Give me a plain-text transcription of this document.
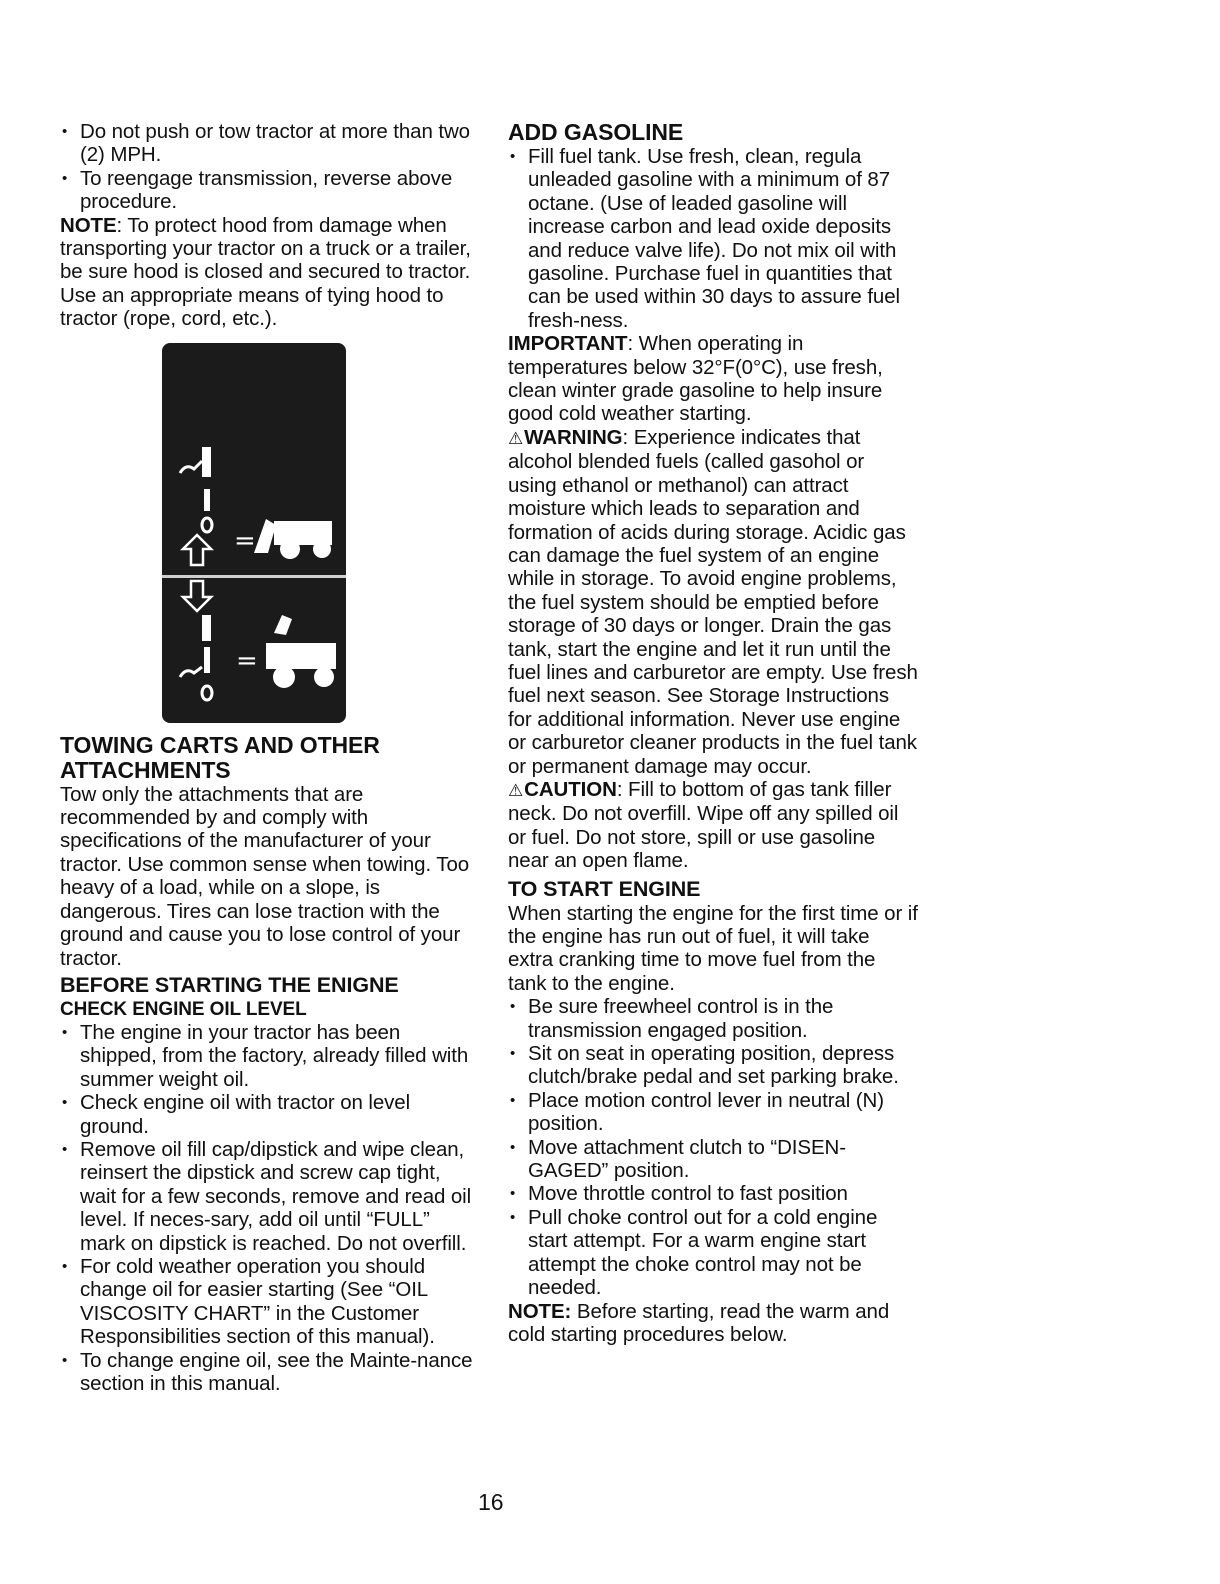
• Do not push or tow tractor at more than two (2) MPH.
• To reengage transmission, reverse above procedure.

NOTE: To protect hood from damage when transporting your tractor on a truck or a trailer, be sure hood is closed and secured to tractor. Use an appropriate means of tying hood to tractor (rope, cord, etc.).

=
=

TOWING CARTS AND OTHER ATTACHMENTS

Tow only the attachments that are recommended by and comply with specifications of the manufacturer of your tractor. Use common sense when towing. Too heavy of a load, while on a slope, is dangerous. Tires can lose traction with the ground and cause you to lose control of your tractor.

BEFORE STARTING THE ENIGNE

CHECK ENGINE OIL LEVEL

• The engine in your tractor has been shipped, from the factory, already filled with summer weight oil.
• Check engine oil with tractor on level ground.
• Remove oil fill cap/dipstick and wipe clean, reinsert the dipstick and screw cap tight, wait for a few seconds, remove and read oil level. If neces-sary, add oil until “FULL” mark on dipstick is reached. Do not overfill.
• For cold weather operation you should change oil for easier starting (See “OIL VISCOSITY CHART” in the Customer Responsibilities section of this manual).
• To change engine oil, see the Mainte-nance section in this manual.

ADD GASOLINE

• Fill fuel tank. Use fresh, clean, regula unleaded gasoline with a minimum of 87 octane. (Use of leaded gasoline will increase carbon and lead oxide deposits and reduce valve life). Do not mix oil with gasoline. Purchase fuel in quantities that can be used within 30 days to assure fuel fresh-ness.

IMPORTANT: When operating in temperatures below 32°F(0°C), use fresh, clean winter grade gasoline to help insure good cold weather starting.

⚠WARNING: Experience indicates that alcohol blended fuels (called gasohol or using ethanol or methanol) can attract moisture which leads to separation and formation of acids during storage. Acidic gas can damage the fuel system of an engine while in storage. To avoid engine problems, the fuel system should be emptied before storage of 30 days or longer. Drain the gas tank, start the engine and let it run until the fuel lines and carburetor are empty. Use fresh fuel next season. See Storage Instructions for additional information. Never use engine or carburetor cleaner products in the fuel tank or permanent damage may occur.

⚠CAUTION: Fill to bottom of gas tank filler neck. Do not overfill. Wipe off any spilled oil or fuel. Do not store, spill or use gasoline near an open flame.

TO START ENGINE

When starting the engine for the first time or if the engine has run out of fuel, it will take extra cranking time to move fuel from the tank to the engine.

• Be sure freewheel control is in the transmission engaged position.
• Sit on seat in operating position, depress clutch/brake pedal and set parking brake.
• Place motion control lever in neutral (N) position.
• Move attachment clutch to “DISEN-GAGED” position.
• Move throttle control to fast position
• Pull choke control out for a cold engine start attempt. For a warm engine start attempt the choke control may not be needed.

NOTE: Before starting, read the warm and cold starting procedures below.

16
